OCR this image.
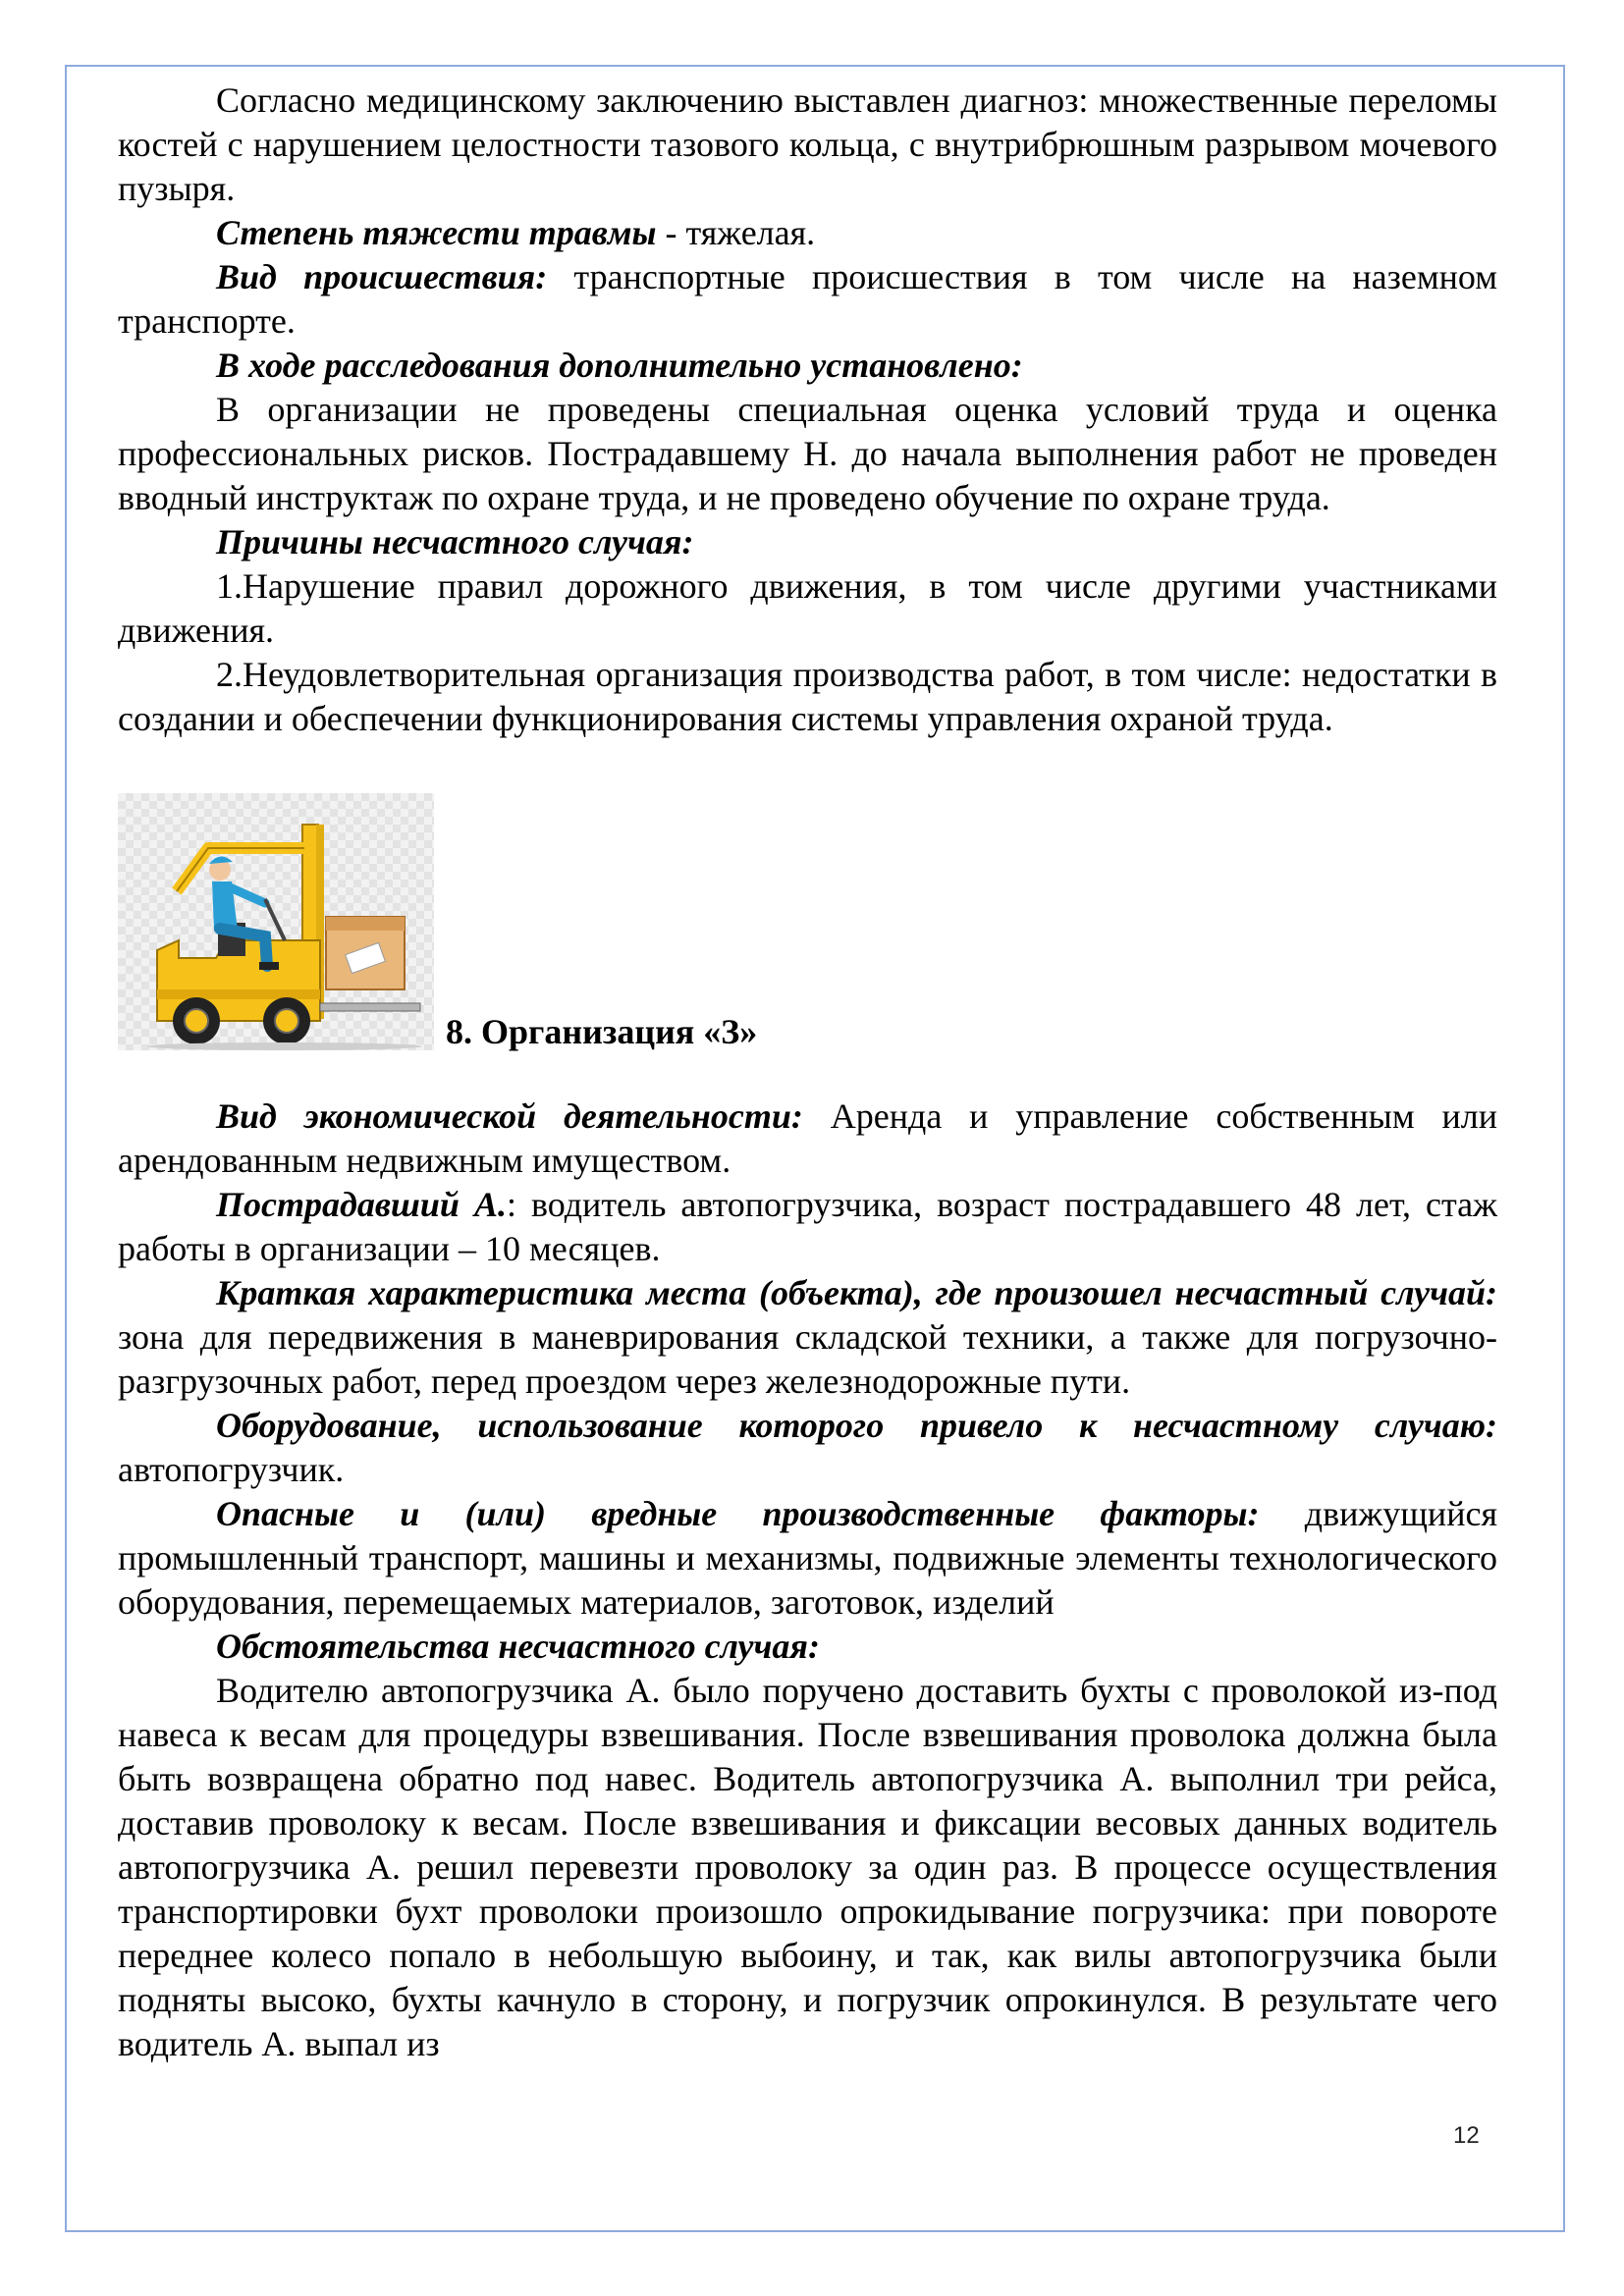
Согласно медицинскому заключению выставлен диагноз: множественные переломы костей с нарушением целостности тазового кольца, с внутрибрюшным разрывом мочевого пузыря.

Степень тяжести травмы - тяжелая.

Вид происшествия: транспортные происшествия в том числе на наземном транспорте.

В ходе расследования дополнительно установлено:

В организации не проведены специальная оценка условий труда и оценка профессиональных рисков. Пострадавшему Н. до начала выполнения работ не проведен вводный инструктаж по охране труда, и не проведено обучение по охране труда.

Причины несчастного случая:

1.Нарушение правил дорожного движения, в том числе другими участниками движения.

2.Неудовлетворительная организация производства работ, в том числе: недостатки в создании и обеспечении функционирования системы управления охраной труда.

8. Организация «З»

Вид экономической деятельности: Аренда и управление собственным или арендованным недвижным имуществом.

Пострадавший А.: водитель автопогрузчика, возраст пострадавшего 48 лет, стаж работы в организации – 10 месяцев.

Краткая характеристика места (объекта), где произошел несчастный случай: зона для передвижения в маневрирования складской техники, а также для погрузочно-разгрузочных работ, перед проездом через железнодорожные пути.

Оборудование, использование которого привело к несчастному случаю: автопогрузчик.

Опасные и (или) вредные производственные факторы: движущийся промышленный транспорт, машины и механизмы, подвижные элементы технологического оборудования, перемещаемых материалов, заготовок, изделий

Обстоятельства несчастного случая:

Водителю автопогрузчика А. было поручено доставить бухты с проволокой из-под навеса к весам для процедуры взвешивания. После взвешивания проволока должна была быть возвращена обратно под навес. Водитель автопогрузчика А. выполнил три рейса, доставив проволоку к весам. После взвешивания и фиксации весовых данных водитель автопогрузчика А. решил перевезти проволоку за один раз. В процессе осуществления транспортировки бухт проволоки произошло опрокидывание погрузчика: при повороте переднее колесо попало в небольшую выбоину, и так, как вилы автопогрузчика были подняты высоко, бухты качнуло в сторону, и погрузчик опрокинулся. В результате чего водитель А. выпал из

12
